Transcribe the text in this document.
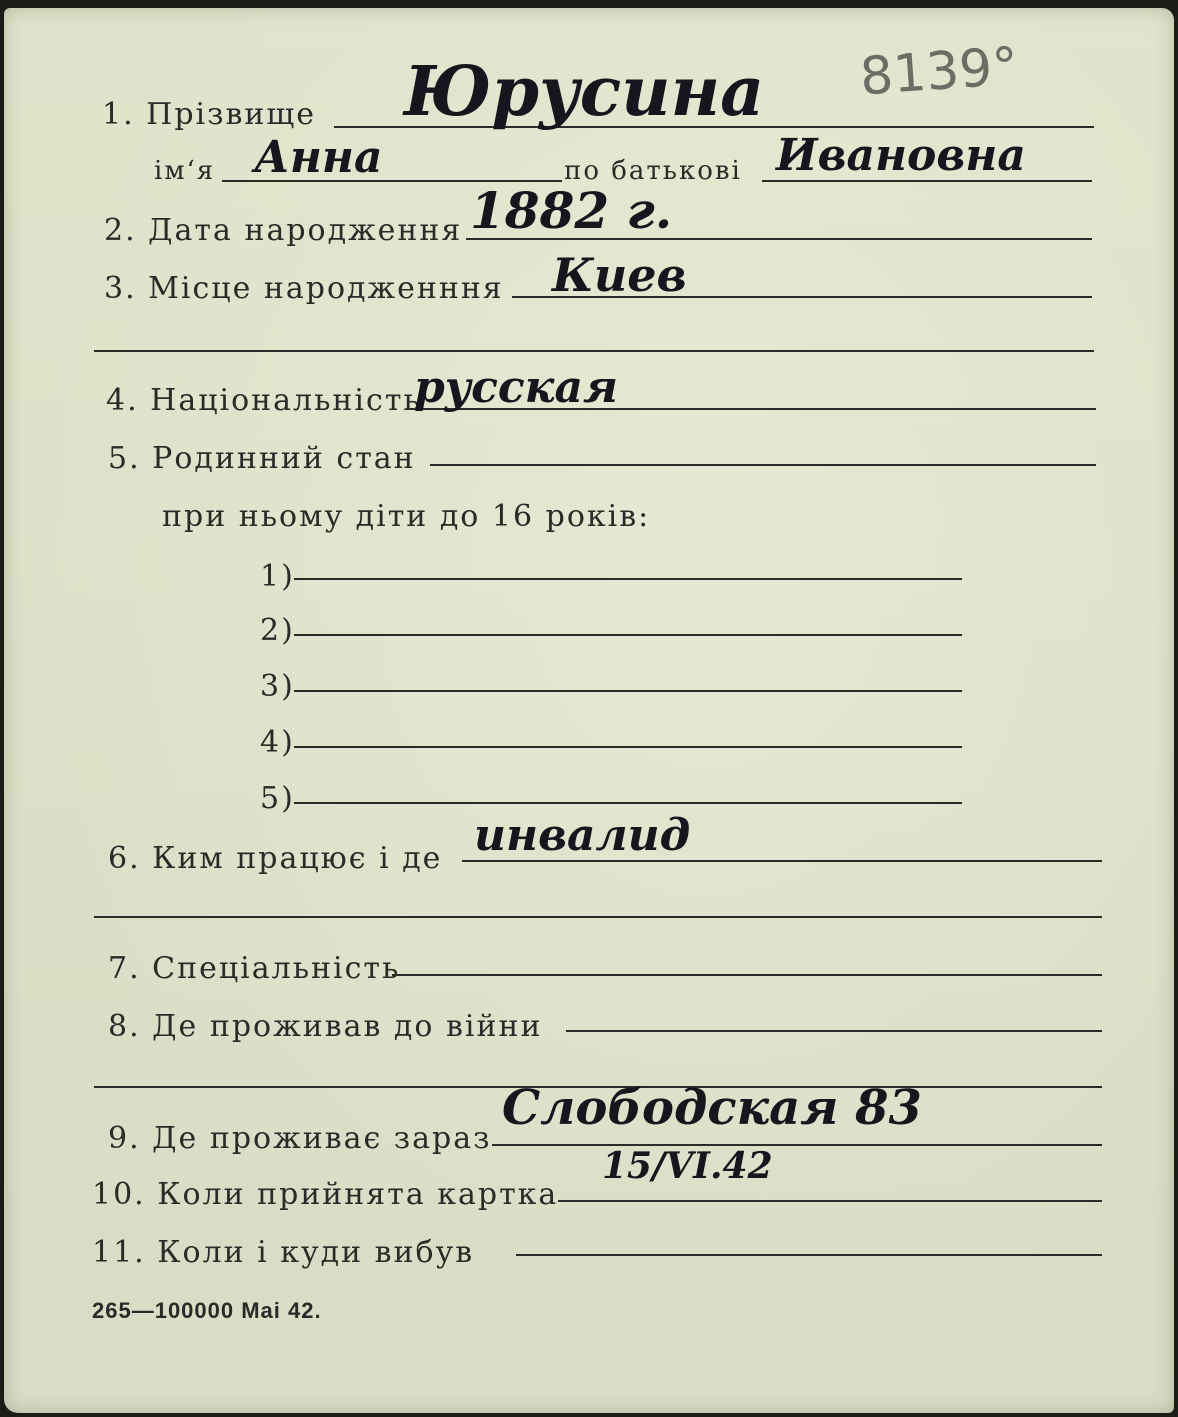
8139°
1. Прізвище Юрусина
ім‘я Анна	по батькові Ивановна
2. Дата народження 1882 г.
3. Місце народженння Киев
4. Національність
русская
5. Родинний стан
при ньому діти до 16 років:
1)
2)
3)
4)
5)
6. Ким працює і де инвалид
7. Спеціальність
8. Де проживав до війни
9. Де проживає зараз
Слободская 83
10. Коли прийнята картка
15/VI.42
11. Коли і куди вибув
265—100000 Mai 42.
